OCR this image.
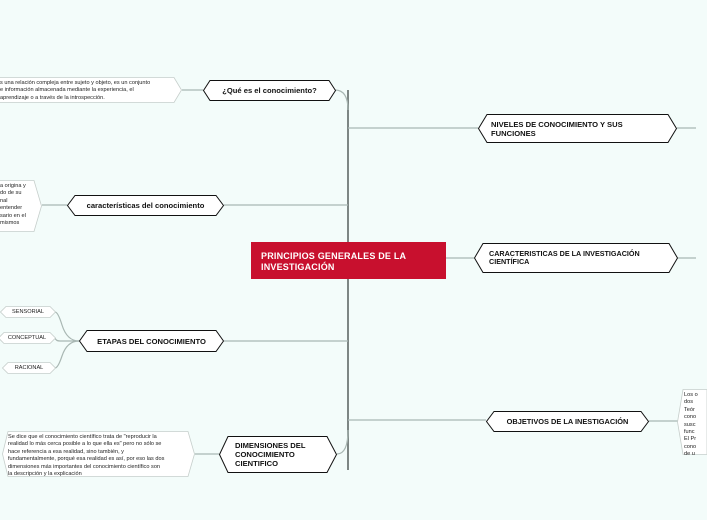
PRINCIPIOS GENERALES DE LA INVESTIGACIÓN
¿Qué es el conocimiento?
características del conocimiento
ETAPAS DEL CONOCIMIENTO
DIMENSIONES DEL CONOCIMIENTO CIENTIFICO
NIVELES DE CONOCIMIENTO Y SUS FUNCIONES
CARACTERISTICAS DE LA INVESTIGACIÓN CIENTÍFICA
OBJETIVOS DE LA INESTIGACIÓN
s una relación compleja entre sujeto y objeto, es un conjunto
e información almacenada mediante la experiencia, el
aprendizaje o a través de la introspección.
a origina y
do de su
nal
entender
sario en el
mismos
SENSORIAL
CONCEPTUAL
RACIONAL
Se dice que el conocimiento científico trata de "reproducir la
realidad lo más cerca posible a lo que ella es" pero no sólo se
hace referencia a esa realidad, sino también, y
fundamentalmente, porqué esa realidad es así, por eso las dos
dimensiones más importantes del conocimiento científico son
la descripción y la explicación
Los o
dos
Teór
cono
susc
func
El Pr
cono
de u
